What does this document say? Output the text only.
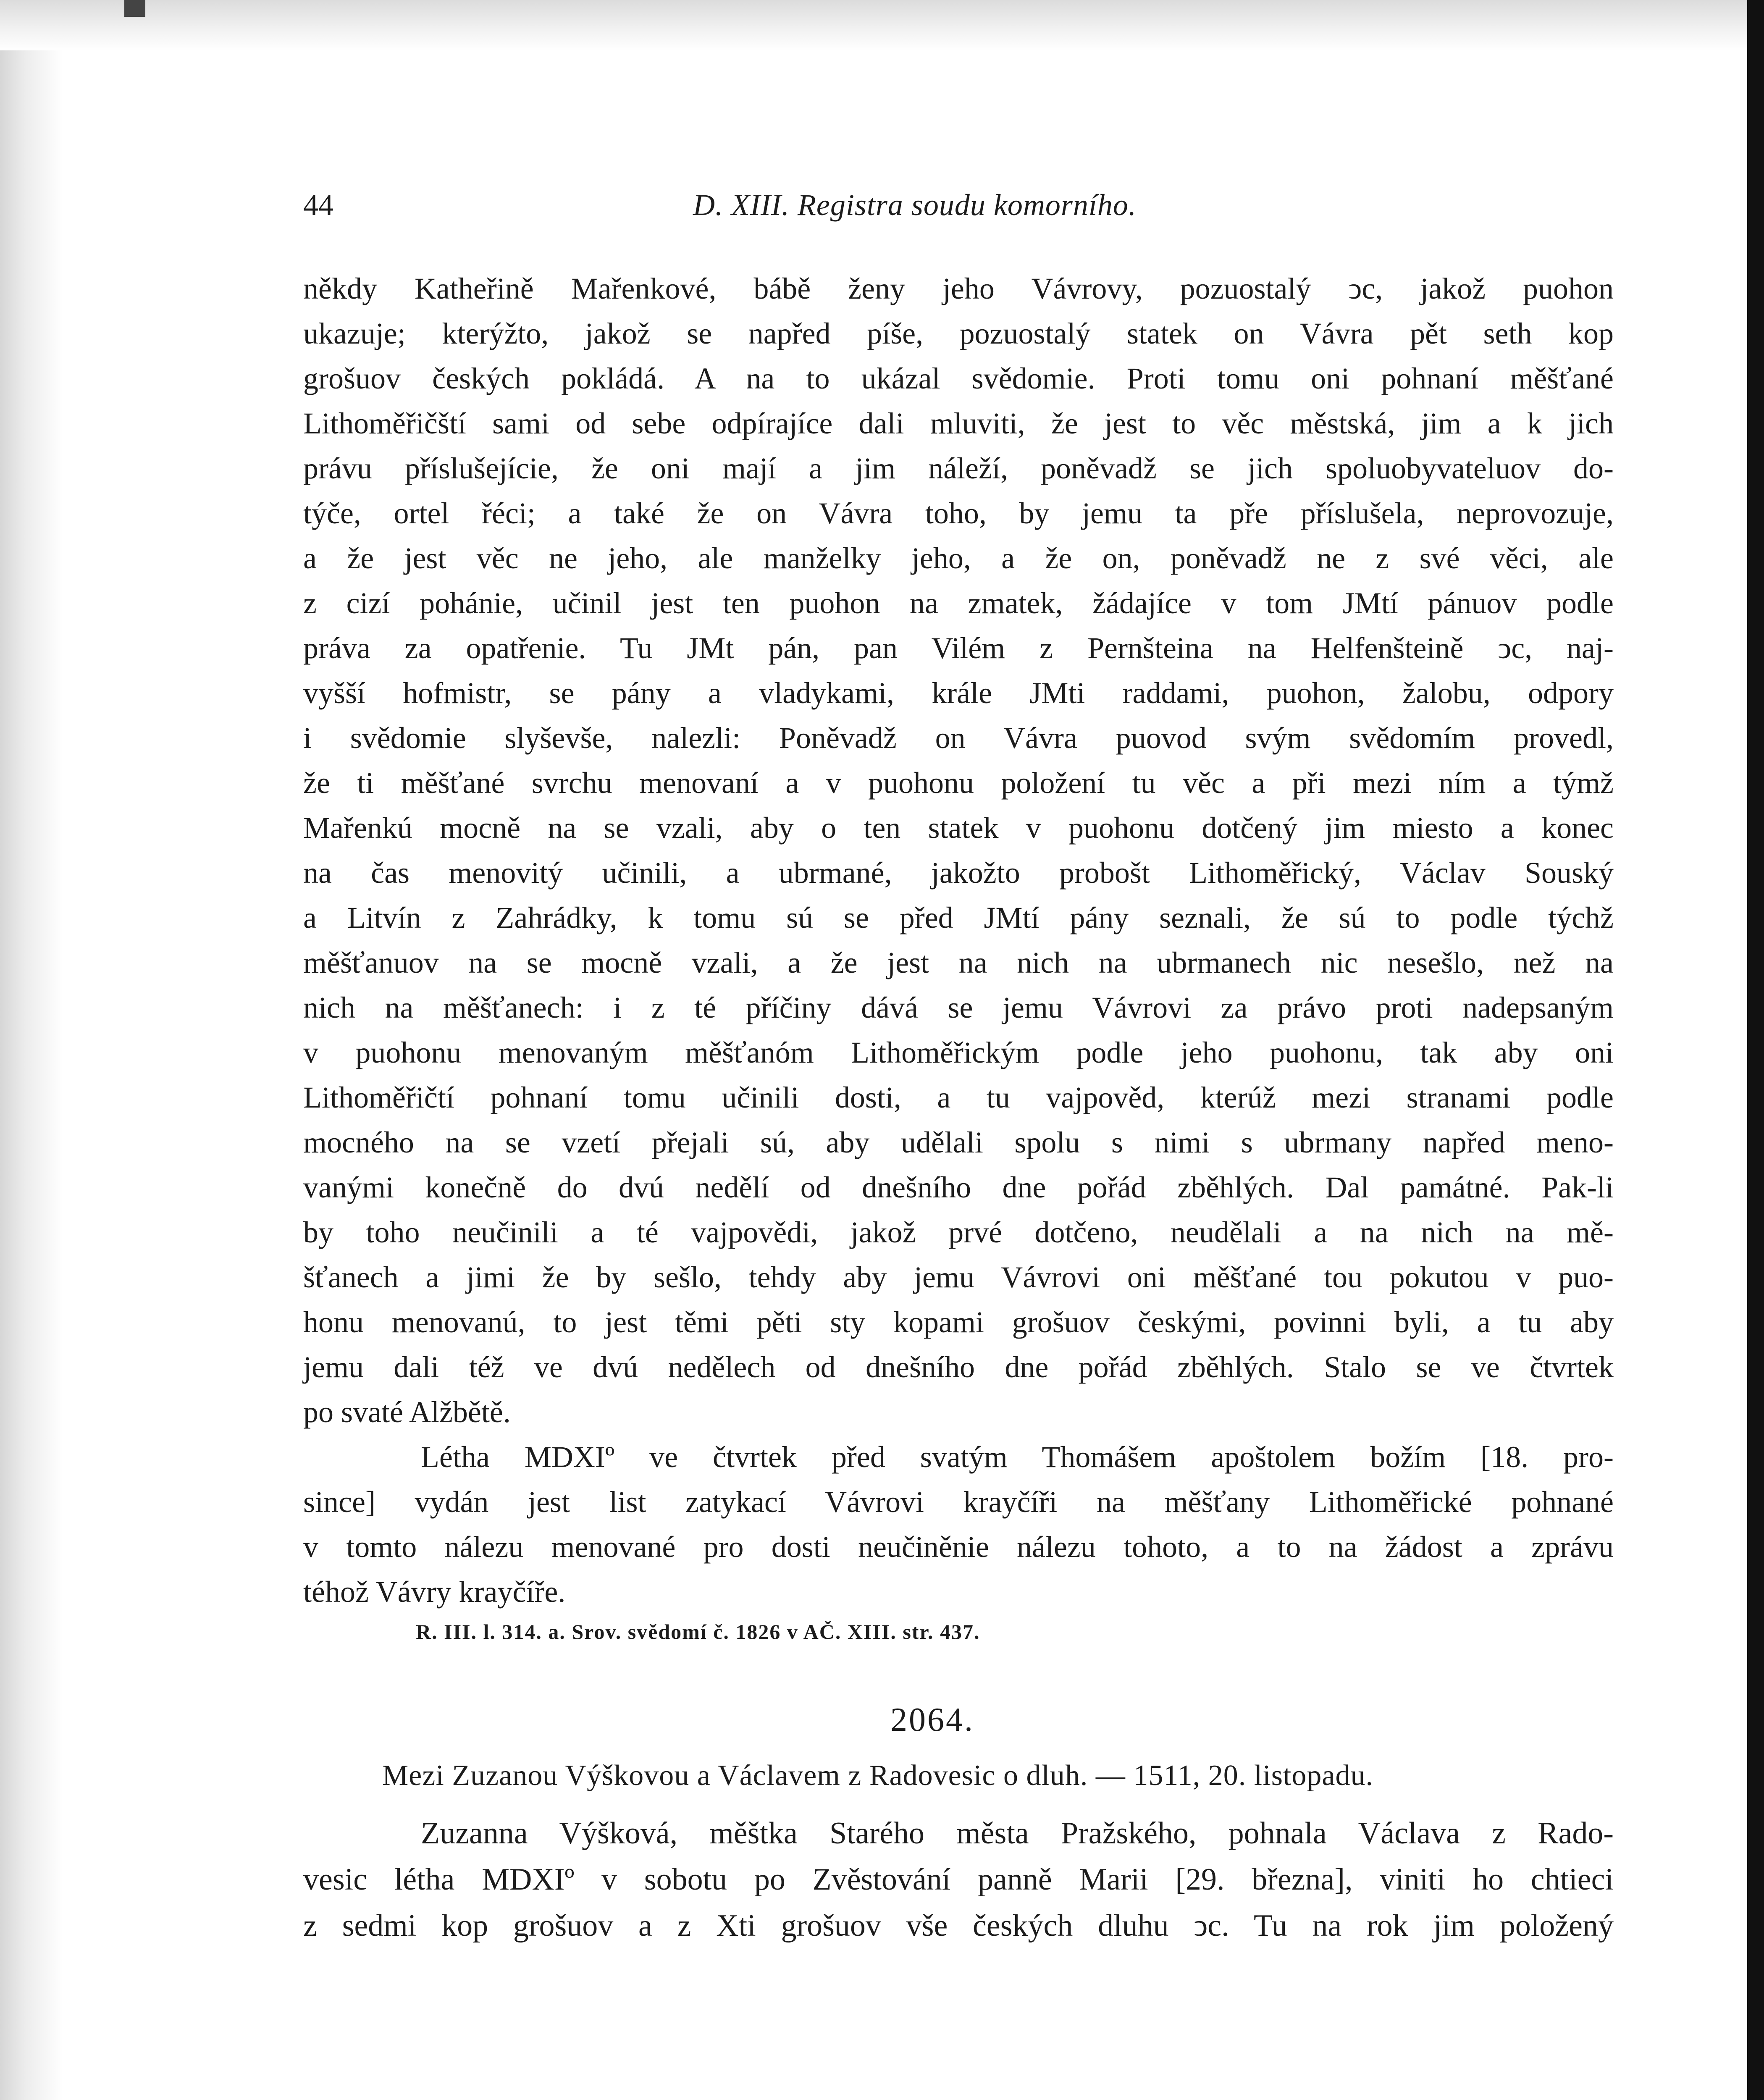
44	D. XIII. Registra soudu komorního.
někdy Katheřině Mařenkové, bábě ženy jeho Vávrovy, pozuostalý ͻc, jakož puohon
ukazuje; kterýžto, jakož se napřed píše, pozuostalý statek on Vávra pět seth kop
grošuov českých pokládá. A na to ukázal svědomie. Proti tomu oni pohnaní měšťané
Lithoměřičští sami od sebe odpírajíce dali mluviti, že jest to věc městská, jim a k jich
právu příslušejície, že oni mají a jim náleží, poněvadž se jich spoluobyvateluov do-
týče, ortel řéci; a také že on Vávra toho, by jemu ta pře příslušela, neprovozuje,
a že jest věc ne jeho, ale manželky jeho, a že on, poněvadž ne z své věci, ale
z cizí pohánie, učinil jest ten puohon na zmatek, žádajíce v tom JMtí pánuov podle
práva za opatřenie. Tu JMt pán, pan Vilém z Pernšteina na Helfenšteině ͻc, naj-
vyšší hofmistr, se pány a vladykami, krále JMti raddami, puohon, žalobu, odpory
i svědomie slyševše, nalezli: Poněvadž on Vávra puovod svým svědomím provedl,
že ti měšťané svrchu menovaní a v puohonu položení tu věc a při mezi ním a týmž
Mařenkú mocně na se vzali, aby o ten statek v puohonu dotčený jim miesto a konec
na čas menovitý učinili, a ubrmané, jakožto probošt Lithoměřický, Václav Souský
a Litvín z Zahrádky, k tomu sú se před JMtí pány seznali, že sú to podle týchž
měšťanuov na se mocně vzali, a že jest na nich na ubrmanech nic nesešlo, než na
nich na měšťanech: i z té příčiny dává se jemu Vávrovi za právo proti nadepsaným
v puohonu menovaným měšťanóm Lithoměřickým podle jeho puohonu, tak aby oni
Lithoměřičtí pohnaní tomu učinili dosti, a tu vajpověd, kterúž mezi stranami podle
mocného na se vzetí přejali sú, aby udělali spolu s nimi s ubrmany napřed meno-
vanými konečně do dvú nedělí od dnešního dne pořád zběhlých. Dal památné. Pak-li
by toho neučinili a té vajpovědi, jakož prvé dotčeno, neudělali a na nich na mě-
šťanech a jimi že by sešlo, tehdy aby jemu Vávrovi oni měšťané tou pokutou v puo-
honu menovanú, to jest těmi pěti sty kopami grošuov českými, povinni byli, a tu aby
jemu dali též ve dvú nedělech od dnešního dne pořád zběhlých. Stalo se ve čtvrtek
po svaté Alžbětě.
Létha MDXIº ve čtvrtek před svatým Thomášem apoštolem božím [18. pro-
since] vydán jest list zatykací Vávrovi krayčíři na měšťany Lithoměřické pohnané
v tomto nálezu menované pro dosti neučiněnie nálezu tohoto, a to na žádost a zprávu
téhož Vávry krayčíře.
R. III. l. 314. a. Srov. svědomí č. 1826 v AČ. XIII. str. 437.
2064.
Mezi Zuzanou Výškovou a Václavem z Radovesic o dluh. — 1511, 20. listopadu.
Zuzanna Výšková, měštka Starého města Pražského, pohnala Václava z Rado-
vesic létha MDXIº v sobotu po Zvěstování panně Marii [29. března], viniti ho chtieci
z sedmi kop grošuov a z Xti grošuov vše českých dluhu ͻc. Tu na rok jim položený
